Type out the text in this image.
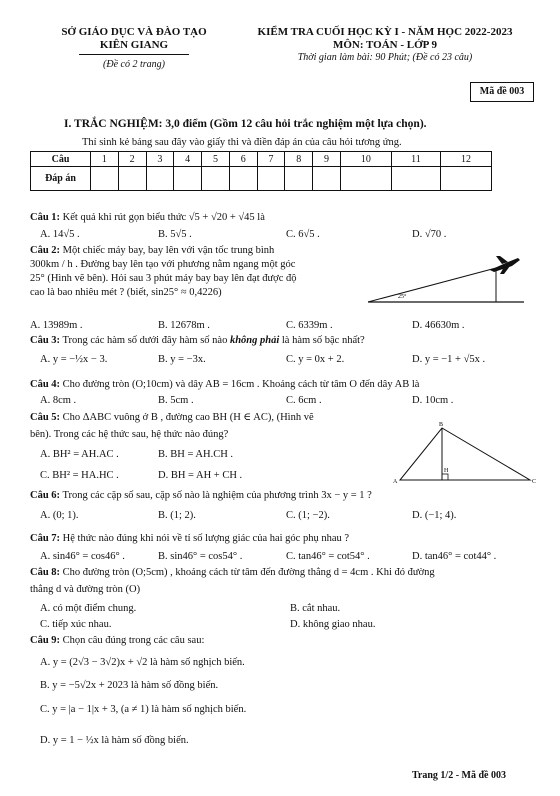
SỞ GIÁO DỤC VÀ ĐÀO TẠO
KIÊN GIANG
(Đề có 2 trang)
KIỂM TRA CUỐI HỌC KỲ I - NĂM HỌC 2022-2023
MÔN: TOÁN - LỚP 9
Thời gian làm bài: 90 Phút; (Đề có 23 câu)
Mã đề 003
I. TRẮC NGHIỆM: 3,0 điểm (Gồm 12 câu hỏi trắc nghiệm một lựa chọn).
Thí sinh kẻ bảng sau đây vào giấy thi và điền đáp án của câu hỏi tương ứng.
Câu	1	2	3	4	5	6	7	8	9	10	11	12
Đáp án												
Câu 1: Kết quả khi rút gọn biểu thức √5 + √20 + √45 là
A. 14√5 .	B. 5√5 .	C. 6√5 .	D. √70 .
Câu 2: Một chiếc máy bay, bay lên với vận tốc trung bình
300km / h . Đường bay lên tạo với phương nằm ngang một góc
25° (Hình vẽ bên). Hỏi sau 3 phút máy bay bay lên đạt được độ
cao là bao nhiêu mét ? (biết, sin25° ≈ 0,4226)	25°
A. 13989m .	B. 12678m .	C. 6339m .	D. 46630m .
Câu 3: Trong các hàm số dưới đây hàm số nào không phải là hàm số bậc nhất?
A. y = −½x − 3.	B. y = −3x.	C. y = 0x + 2.	D. y = −1 + √5x .
Câu 4: Cho đường tròn (O;10cm) và dây AB = 16cm . Khoảng cách từ tâm O đến dây AB là
A. 8cm .	B. 5cm .	C. 6cm .	D. 10cm .
Câu 5: Cho ΔABC vuông ở B , đường cao BH (H ∈ AC), (Hình vẽ
bên). Trong các hệ thức sau, hệ thức nào đúng?
B
A
H
C
A. BH² = AH.AC .	B. BH = AH.CH .
C. BH² = HA.HC .	D. BH = AH + CH .
Câu 6: Trong các cặp số sau, cặp số nào là nghiệm của phương trình 3x − y = 1 ?
A. (0; 1).	B. (1; 2).	C. (1; −2).	D. (−1; 4).
Câu 7: Hệ thức nào đúng khi nói về tỉ số lượng giác của hai góc phụ nhau ?
A. sin46° = cos46° .	B. sin46° = cos54° .	C. tan46° = cot54° .	D. tan46° = cot44° .
Câu 8: Cho đường tròn (O;5cm) , khoảng cách từ tâm đến đường thẳng d = 4cm . Khi đó đường
thẳng d và đường tròn (O)
A. có một điểm chung.	B. cắt nhau.
C. tiếp xúc nhau.	D. không giao nhau.
Câu 9: Chọn câu đúng trong các câu sau:
A. y = (2√3 − 3√2)x + √2 là hàm số nghịch biến.
B. y = −5√2x + 2023 là hàm số đồng biến.
C. y = |a − 1|x + 3, (a ≠ 1) là hàm số nghịch biến.
D. y = 1 − ½x là hàm số đồng biến.
Trang 1/2 - Mã đề 003
